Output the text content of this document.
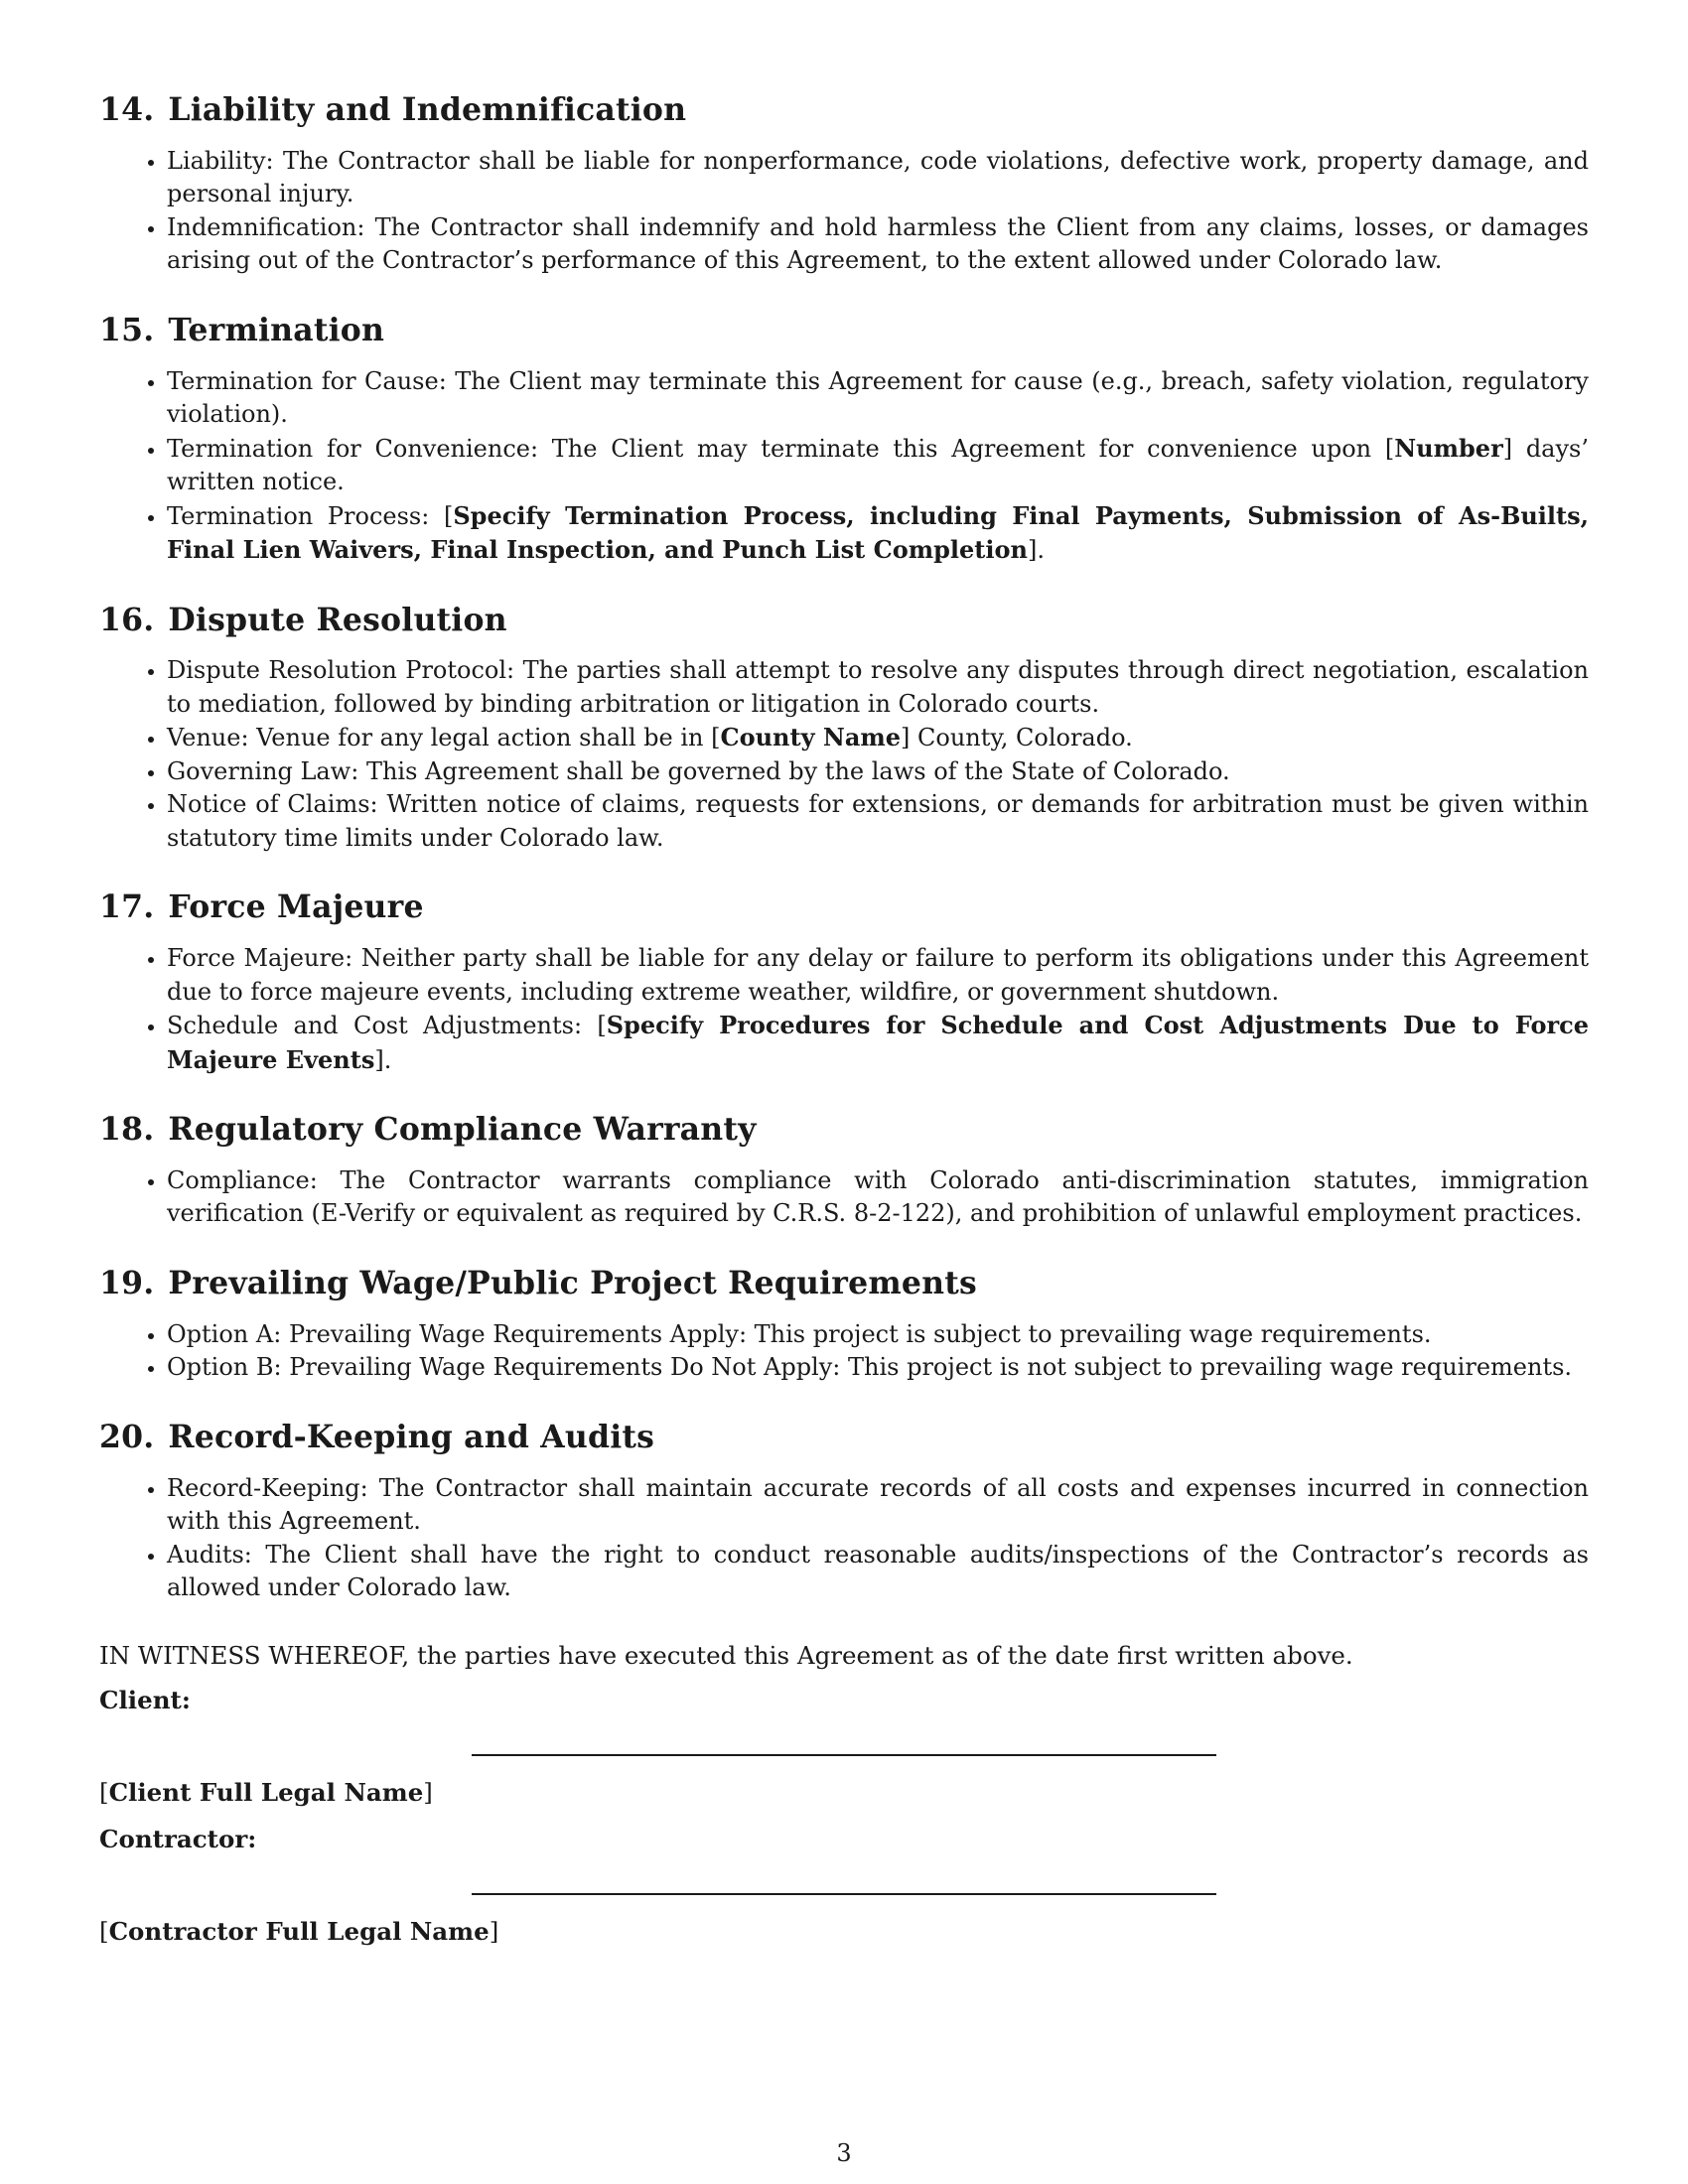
14. Liability and Indemnification
• Liability: The Contractor shall be liable for nonperformance, code violations, defective work, property damage, and personal injury.
• Indemnification: The Contractor shall indemnify and hold harmless the Client from any claims, losses, or damages arising out of the Contractor’s performance of this Agreement, to the extent allowed under Colorado law.
15. Termination
• Termination for Cause: The Client may terminate this Agreement for cause (e.g., breach, safety violation, regulatory violation).
• Termination for Convenience: The Client may terminate this Agreement for convenience upon [Number] days’ written notice.
• Termination Process: [Specify Termination Process, including Final Payments, Submission of As-Builts, Final Lien Waivers, Final Inspection, and Punch List Completion].
16. Dispute Resolution
• Dispute Resolution Protocol: The parties shall attempt to resolve any disputes through direct negotiation, escalation to mediation, followed by binding arbitration or litigation in Colorado courts.
• Venue: Venue for any legal action shall be in [County Name] County, Colorado.
• Governing Law: This Agreement shall be governed by the laws of the State of Colorado.
• Notice of Claims: Written notice of claims, requests for extensions, or demands for arbitration must be given within statutory time limits under Colorado law.
17. Force Majeure
• Force Majeure: Neither party shall be liable for any delay or failure to perform its obligations under this Agreement due to force majeure events, including extreme weather, wildfire, or government shutdown.
• Schedule and Cost Adjustments: [Specify Procedures for Schedule and Cost Adjustments Due to Force Majeure Events].
18. Regulatory Compliance Warranty
• Compliance: The Contractor warrants compliance with Colorado anti-discrimination statutes, immigration verification (E-Verify or equivalent as required by C.R.S. 8-2-122), and prohibition of unlawful employment practices.
19. Prevailing Wage/Public Project Requirements
• Option A: Prevailing Wage Requirements Apply: This project is subject to prevailing wage requirements.
• Option B: Prevailing Wage Requirements Do Not Apply: This project is not subject to prevailing wage requirements.
20. Record-Keeping and Audits
• Record-Keeping: The Contractor shall maintain accurate records of all costs and expenses incurred in connection with this Agreement.
• Audits: The Client shall have the right to conduct reasonable audits/inspections of the Contractor’s records as allowed under Colorado law.

IN WITNESS WHEREOF, the parties have executed this Agreement as of the date first written above.

Client:

[Client Full Legal Name]

Contractor:

[Contractor Full Legal Name]

3
